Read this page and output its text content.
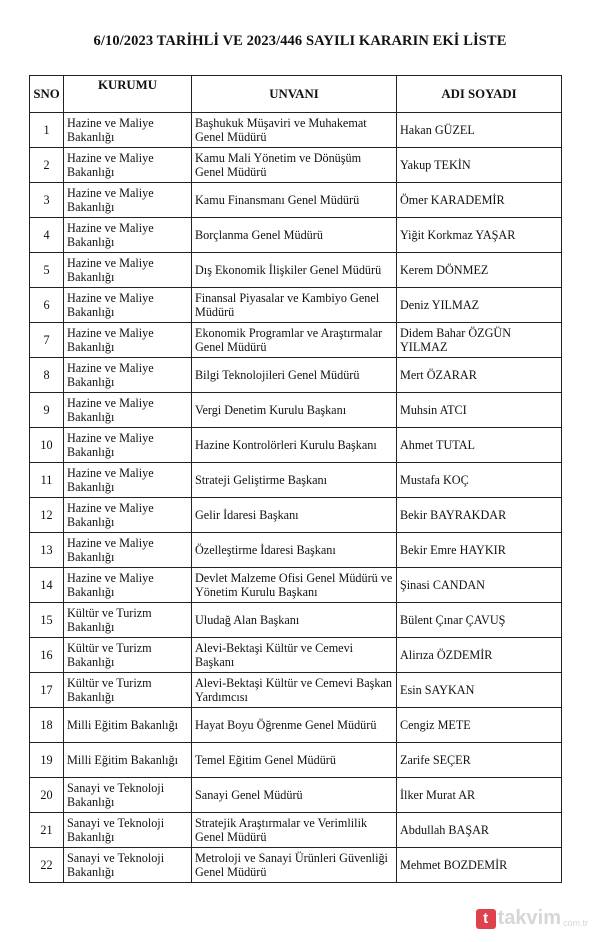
6/10/2023 TARİHLİ VE 2023/446 SAYILI KARARIN EKİ LİSTE
SNO	KURUMU	UNVANI	ADI SOYADI
1	Hazine ve Maliye Bakanlığı	Başhukuk Müşaviri ve Muhakemat Genel Müdürü	Hakan GÜZEL
2	Hazine ve Maliye Bakanlığı	Kamu Mali Yönetim ve Dönüşüm Genel Müdürü	Yakup TEKİN
3	Hazine ve Maliye Bakanlığı	Kamu Finansmanı Genel Müdürü	Ömer KARADEMİR
4	Hazine ve Maliye Bakanlığı	Borçlanma Genel Müdürü	Yiğit Korkmaz YAŞAR
5	Hazine ve Maliye Bakanlığı	Dış Ekonomik İlişkiler Genel Müdürü	Kerem DÖNMEZ
6	Hazine ve Maliye Bakanlığı	Finansal Piyasalar ve Kambiyo Genel Müdürü	Deniz YILMAZ
7	Hazine ve Maliye Bakanlığı	Ekonomik Programlar ve Araştırmalar Genel Müdürü	Didem Bahar ÖZGÜN YILMAZ
8	Hazine ve Maliye Bakanlığı	Bilgi Teknolojileri Genel Müdürü	Mert ÖZARAR
9	Hazine ve Maliye Bakanlığı	Vergi Denetim Kurulu Başkanı	Muhsin ATCI
10	Hazine ve Maliye Bakanlığı	Hazine Kontrolörleri Kurulu Başkanı	Ahmet TUTAL
11	Hazine ve Maliye Bakanlığı	Strateji Geliştirme Başkanı	Mustafa KOÇ
12	Hazine ve Maliye Bakanlığı	Gelir İdaresi Başkanı	Bekir BAYRAKDAR
13	Hazine ve Maliye Bakanlığı	Özelleştirme İdaresi Başkanı	Bekir Emre HAYKIR
14	Hazine ve Maliye Bakanlığı	Devlet Malzeme Ofisi Genel Müdürü ve Yönetim Kurulu Başkanı	Şinasi CANDAN
15	Kültür ve Turizm Bakanlığı	Uludağ Alan Başkanı	Bülent Çınar ÇAVUŞ
16	Kültür ve Turizm Bakanlığı	Alevi-Bektaşi Kültür ve Cemevi Başkanı	Alirıza ÖZDEMİR
17	Kültür ve Turizm Bakanlığı	Alevi-Bektaşi Kültür ve Cemevi Başkan Yardımcısı	Esin SAYKAN
18	Milli Eğitim Bakanlığı	Hayat Boyu Öğrenme Genel Müdürü	Cengiz METE
19	Milli Eğitim Bakanlığı	Temel Eğitim Genel Müdürü	Zarife SEÇER
20	Sanayi ve Teknoloji Bakanlığı	Sanayi Genel Müdürü	İlker Murat AR
21	Sanayi ve Teknoloji Bakanlığı	Stratejik Araştırmalar ve Verimlilik Genel Müdürü	Abdullah BAŞAR
22	Sanayi ve Teknoloji Bakanlığı	Metroloji ve Sanayi Ürünleri Güvenliği Genel Müdürü	Mehmet BOZDEMİR
t takvim com.tr
